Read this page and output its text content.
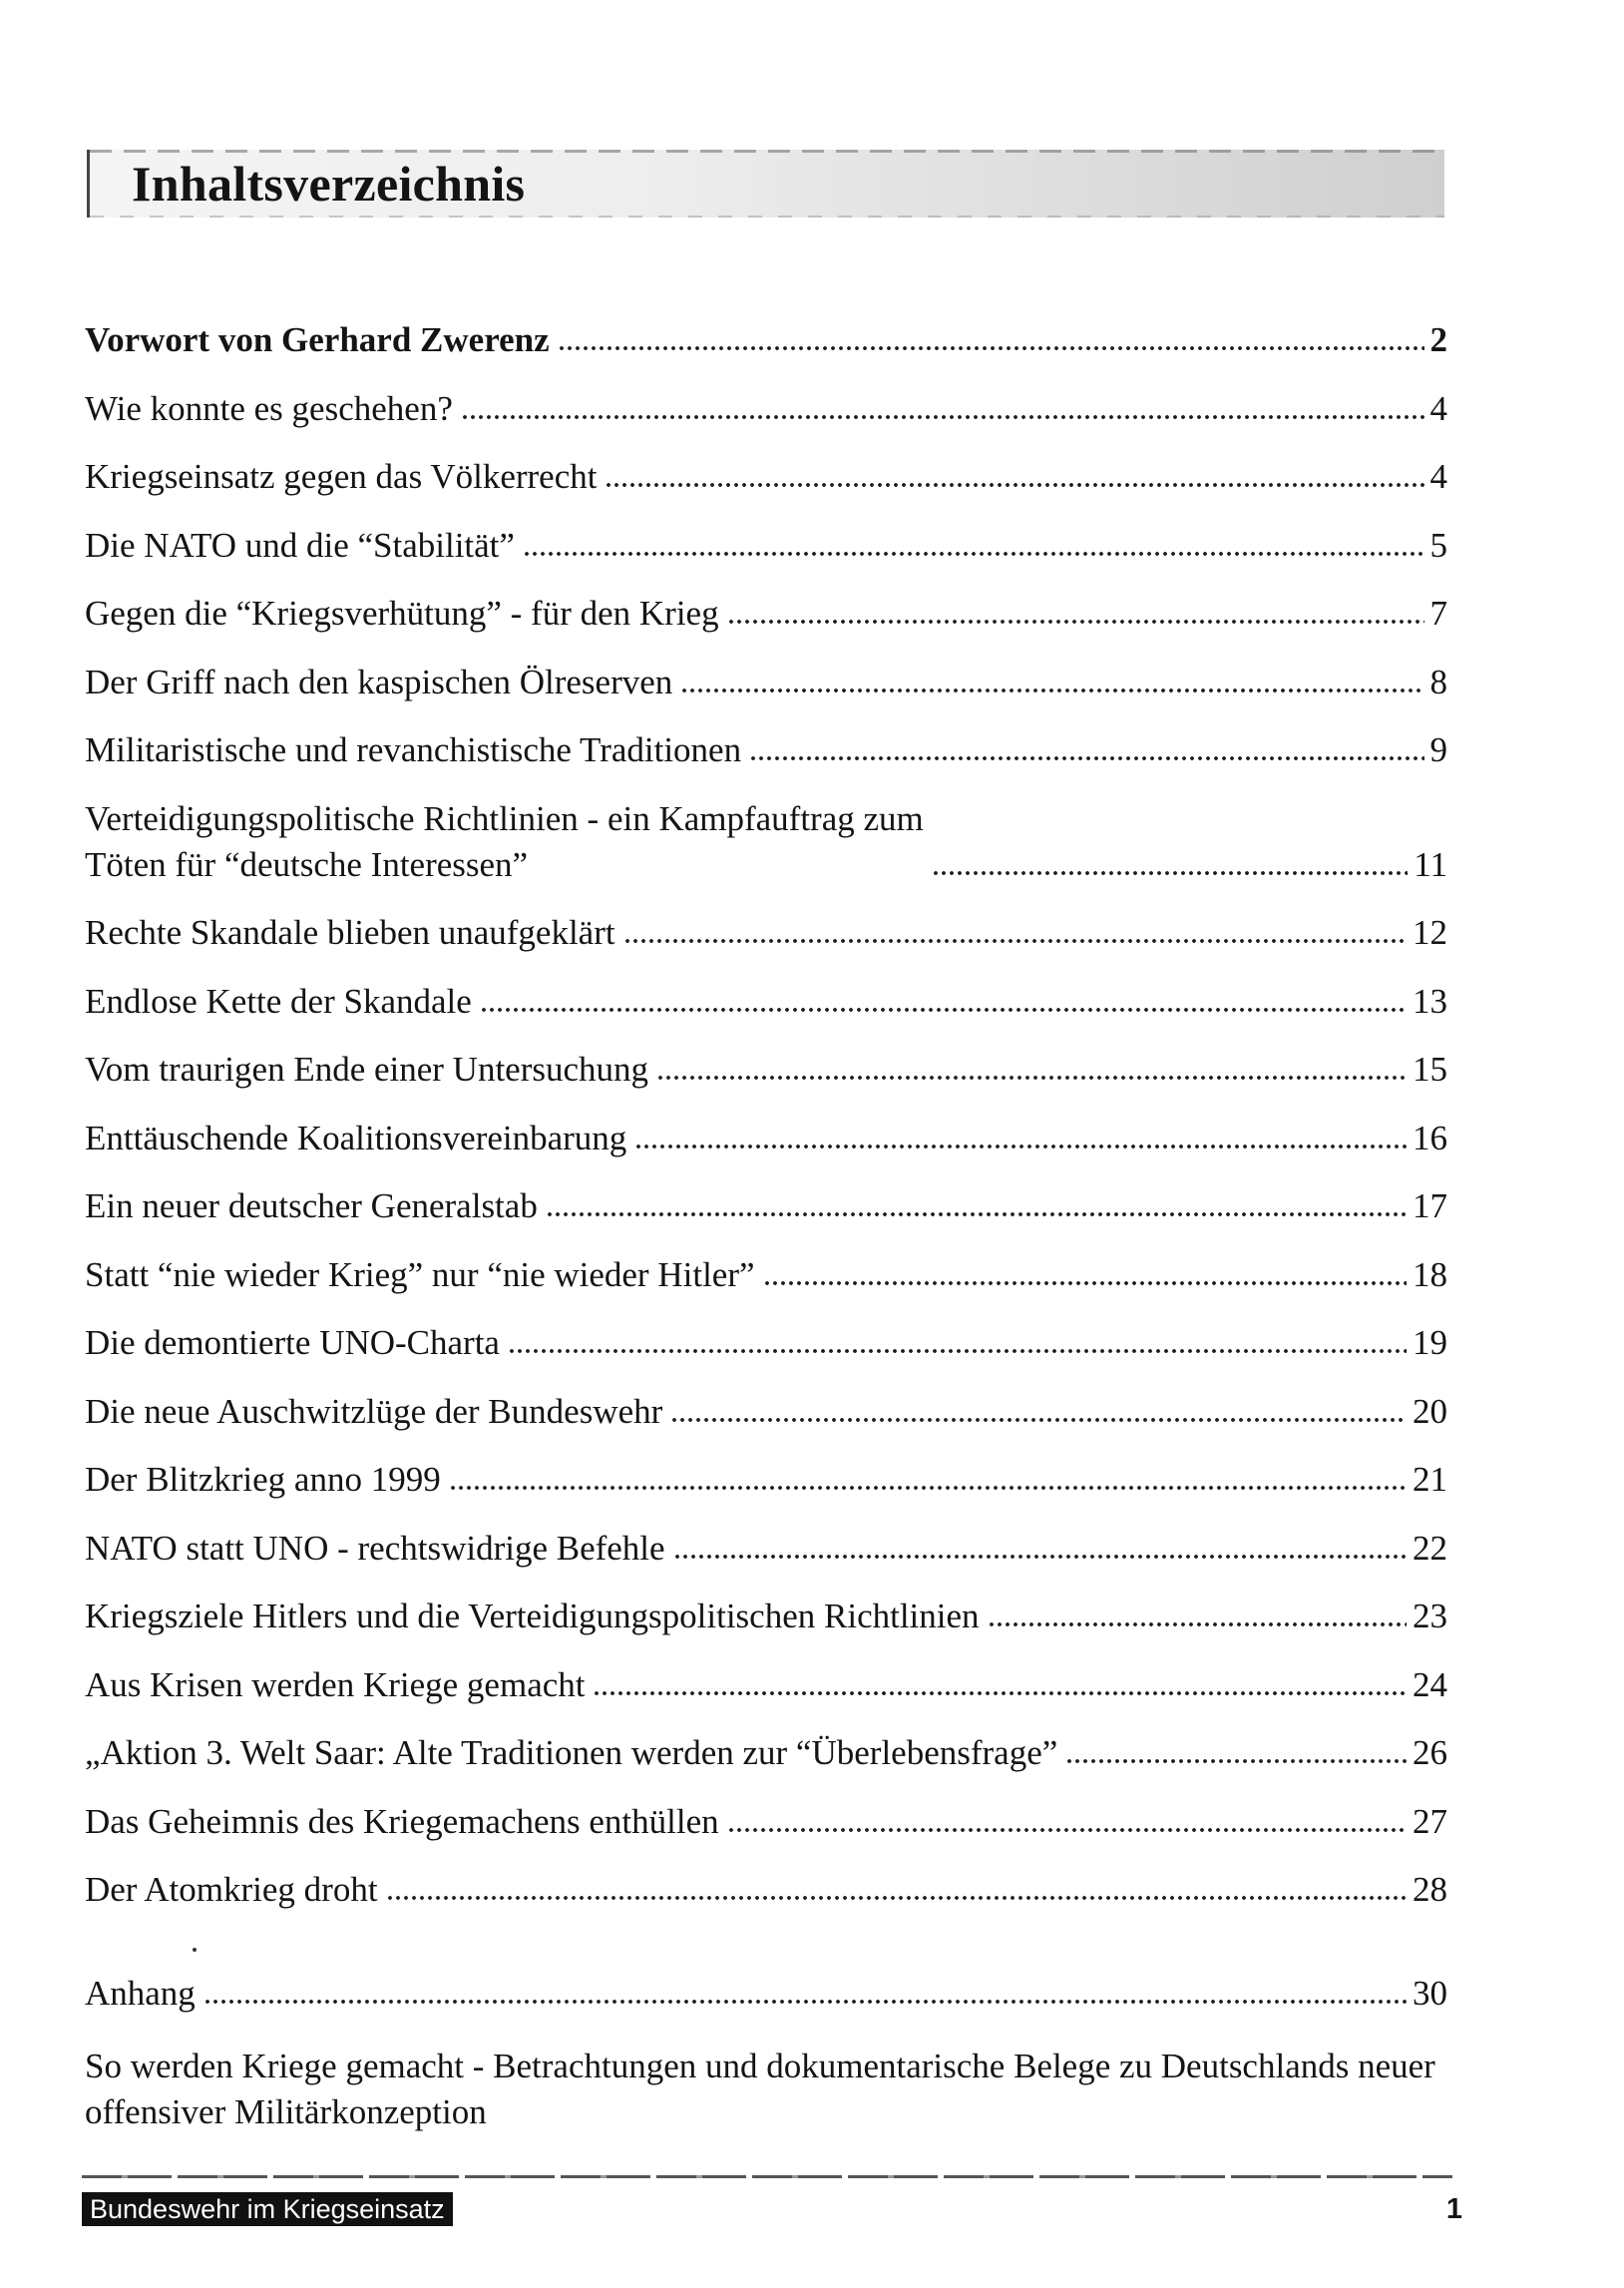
Inhaltsverzeichnis
Vorwort von Gerhard Zwerenz	2
Wie konnte es geschehen?	4
Kriegseinsatz gegen das Völkerrecht	4
Die NATO und die “Stabilität”	5
Gegen die “Kriegsverhütung” - für den Krieg	7
Der Griff nach den kaspischen Ölreserven	8
Militaristische und revanchistische Traditionen	9
Verteidigungspolitische Richtlinien - ein Kampfauftrag zum
Töten für “deutsche Interessen”	11
Rechte Skandale blieben unaufgeklärt	12
Endlose Kette der Skandale	13
Vom traurigen Ende einer Untersuchung	15
Enttäuschende Koalitionsvereinbarung	16
Ein neuer deutscher Generalstab	17
Statt “nie wieder Krieg” nur “nie wieder Hitler”	18
Die demontierte UNO-Charta	19
Die neue Auschwitzlüge der Bundeswehr	20
Der Blitzkrieg anno 1999	21
NATO statt UNO - rechtswidrige Befehle	22
Kriegsziele Hitlers und die Verteidigungspolitischen Richtlinien	23
Aus Krisen werden Kriege gemacht	24
„Aktion 3. Welt Saar: Alte Traditionen werden zur “Überlebensfrage”	26
Das Geheimnis des Kriegemachens enthüllen	27
Der Atomkrieg droht	28
Anhang	30

So werden Kriege gemacht - Betrachtungen und dokumentarische Belege zu Deutschlands neuer offensiver Militärkonzeption

Bundeswehr im Kriegseinsatz	1
